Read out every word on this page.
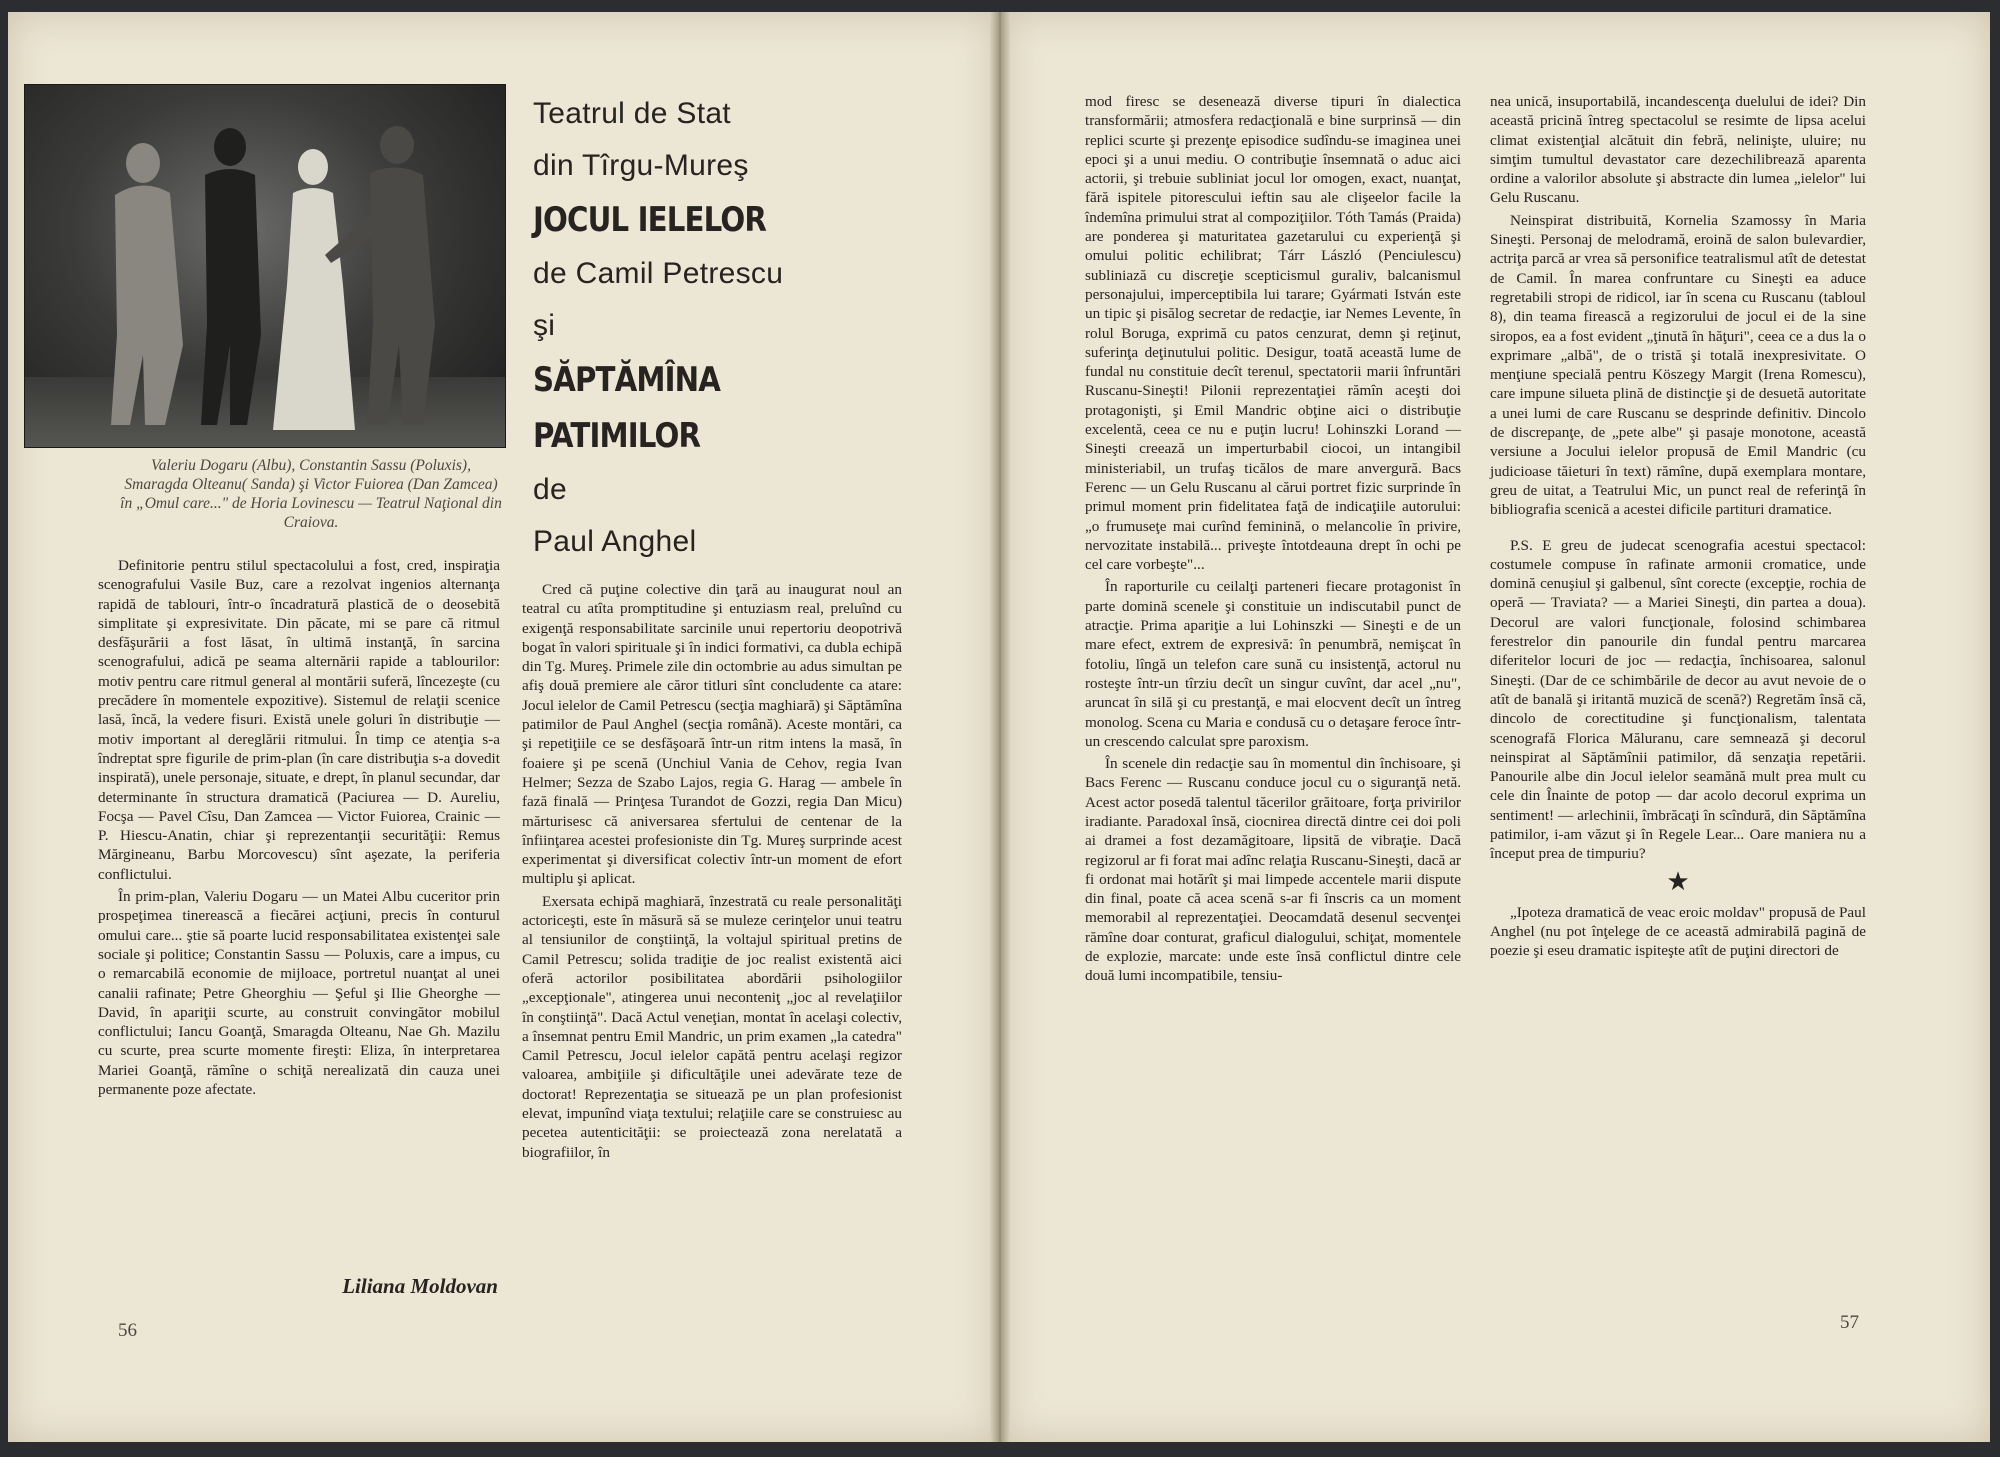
Valeriu Dogaru (Albu), Constantin Sassu (Poluxis), Smaragda Olteanu( Sanda) şi Victor Fuiorea (Dan Zamcea) în „Omul care..." de Horia Lovinescu — Teatrul Naţional din Craiova.

Definitorie pentru stilul spectacolului a fost, cred, inspiraţia scenografului Vasile Buz, care a rezolvat ingenios alternanţa rapidă de tablouri, într-o încadratură plastică de o deosebită simplitate şi expresivitate. Din păcate, mi se pare că ritmul desfăşurării a fost lăsat, în ultimă instanţă, în sarcina scenografului, adică pe seama alternării rapide a tablourilor: motiv pentru care ritmul general al montării suferă, lîncezeşte (cu precădere în momentele expozitive). Sistemul de relaţii scenice lasă, încă, la vedere fisuri. Există unele goluri în distribuţie — motiv important al dereglării ritmului. În timp ce atenţia s-a îndreptat spre figurile de prim-plan (în care distribuţia s-a dovedit inspirată), unele personaje, situate, e drept, în planul secundar, dar determinante în structura dramatică (Paciurea — D. Aureliu, Focşa — Pavel Cîsu, Dan Zamcea — Victor Fuiorea, Crainic — P. Hiescu-Anatin, chiar şi reprezentanţii securităţii: Remus Mărgineanu, Barbu Morcovescu) sînt aşezate, la periferia conflictului.

În prim-plan, Valeriu Dogaru — un Matei Albu cuceritor prin prospeţimea tinerească a fiecărei acţiuni, precis în conturul omului care... ştie să poarte lucid responsabilitatea existenţei sale sociale şi politice; Constantin Sassu — Poluxis, care a impus, cu o remarcabilă economie de mijloace, portretul nuanţat al unei canalii rafinate; Petre Gheorghiu — Şeful şi Ilie Gheorghe — David, în apariţii scurte, au construit convingător mobilul conflictului; Iancu Goanţă, Smaragda Olteanu, Nae Gh. Mazilu cu scurte, prea scurte momente fireşti: Eliza, în interpretarea Mariei Goanţă, rămîne o schiţă nerealizată din cauza unei permanente poze afectate.

Liliana Moldovan
56
Teatrul de Stat
din Tîrgu-Mureş
JOCUL IELELOR
de Camil Petrescu
şi
SĂPTĂMÎNA
PATIMILOR
de
Paul Anghel

Cred că puţine colective din ţară au inaugurat noul an teatral cu atîta promptitudine şi entuziasm real, preluînd cu exigenţă responsabilitate sarcinile unui repertoriu deopotrivă bogat în valori spirituale şi în indici formativi, ca dubla echipă din Tg. Mureş. Primele zile din octombrie au adus simultan pe afiş două premiere ale căror titluri sînt concludente ca atare: Jocul ielelor de Camil Petrescu (secţia maghiară) şi Săptămîna patimilor de Paul Anghel (secţia română). Aceste montări, ca şi repetiţiile ce se desfăşoară într-un ritm intens la masă, în foaiere şi pe scenă (Unchiul Vania de Cehov, regia Ivan Helmer; Sezza de Szabo Lajos, regia G. Harag — ambele în fază finală — Prinţesa Turandot de Gozzi, regia Dan Micu) mărturisesc că aniversarea sfertului de centenar de la înfiinţarea acestei profesioniste din Tg. Mureş surprinde acest experimentat şi diversificat colectiv într-un moment de efort multiplu şi aplicat.

Exersata echipă maghiară, înzestrată cu reale personalităţi actoriceşti, este în măsură să se muleze cerinţelor unui teatru al tensiunilor de conştiinţă, la voltajul spiritual pretins de Camil Petrescu; solida tradiţie de joc realist existentă aici oferă actorilor posibilitatea abordării psihologiilor „excepţionale", atingerea unui neconteniţ „joc al revelaţiilor în conştiinţă". Dacă Actul veneţian, montat în acelaşi colectiv, a însemnat pentru Emil Mandric, un prim examen „la catedra" Camil Petrescu, Jocul ielelor capătă pentru acelaşi regizor valoarea, ambiţiile şi dificultăţile unei adevărate teze de doctorat! Reprezentaţia se situează pe un plan profesionist elevat, impunînd viaţa textului; relaţiile care se construiesc au pecetea autenticităţii: se proiectează zona nerelatată a biografiilor, în

mod firesc se desenează diverse tipuri în dialectica transformării; atmosfera redacţională e bine surprinsă — din replici scurte şi prezenţe episodice sudîndu-se imaginea unei epoci şi a unui mediu. O contribuţie însemnată o aduc aici actorii, şi trebuie subliniat jocul lor omogen, exact, nuanţat, fără ispitele pitorescului ieftin sau ale clişeelor facile la îndemîna primului strat al compoziţiilor. Tóth Tamás (Praida) are ponderea şi maturitatea gazetarului cu experienţă şi omului politic echilibrat; Tárr László (Penciulescu) subliniază cu discreţie scepticismul guraliv, balcanismul personajului, imperceptibila lui tarare; Gyármati István este un tipic şi pisălog secretar de redacţie, iar Nemes Levente, în rolul Boruga, exprimă cu patos cenzurat, demn şi reţinut, suferinţa deţinutului politic. Desigur, toată această lume de fundal nu constituie decît terenul, spectatorii marii înfruntări Ruscanu-Sineşti! Pilonii reprezentaţiei rămîn aceşti doi protagonişti, şi Emil Mandric obţine aici o distribuţie excelentă, ceea ce nu e puţin lucru! Lohinszki Lorand — Sineşti creează un imperturbabil ciocoi, un intangibil ministeriabil, un trufaş ticălos de mare anvergură. Bacs Ferenc — un Gelu Ruscanu al cărui portret fizic surprinde în primul moment prin fidelitatea faţă de indicaţiile autorului: „o frumuseţe mai curînd feminină, o melancolie în privire, nervozitate instabilă... priveşte întotdeauna drept în ochi pe cel care vorbeşte"...

În raporturile cu ceilalţi parteneri fiecare protagonist în parte domină scenele şi constituie un indiscutabil punct de atracţie. Prima apariţie a lui Lohinszki — Sineşti e de un mare efect, extrem de expresivă: în penumbră, nemişcat în fotoliu, lîngă un telefon care sună cu insistenţă, actorul nu rosteşte într-un tîrziu decît un singur cuvînt, dar acel „nu", aruncat în silă şi cu prestanţă, e mai elocvent decît un întreg monolog. Scena cu Maria e condusă cu o detaşare feroce într-un crescendo calculat spre paroxism.

În scenele din redacţie sau în momentul din închisoare, şi Bacs Ferenc — Ruscanu conduce jocul cu o siguranţă netă. Acest actor posedă talentul tăcerilor grăitoare, forţa privirilor iradiante. Paradoxal însă, ciocnirea directă dintre cei doi poli ai dramei a fost dezamăgitoare, lipsită de vibraţie. Dacă regizorul ar fi forat mai adînc relaţia Ruscanu-Sineşti, dacă ar fi ordonat mai hotărît şi mai limpede accentele marii dispute din final, poate că acea scenă s-ar fi înscris ca un moment memorabil al reprezentaţiei. Deocamdată desenul secvenţei rămîne doar conturat, graficul dialogului, schiţat, momentele de explozie, marcate: unde este însă conflictul dintre cele două lumi incompatibile, tensiu-

nea unică, insuportabilă, incandescenţa duelului de idei? Din această pricină întreg spectacolul se resimte de lipsa acelui climat existenţial alcătuit din febră, nelinişte, uluire; nu simţim tumultul devastator care dezechilibrează aparenta ordine a valorilor absolute şi abstracte din lumea „ielelor" lui Gelu Ruscanu.

Neinspirat distribuită, Kornelia Szamossy în Maria Sineşti. Personaj de melodramă, eroină de salon bulevardier, actriţa parcă ar vrea să personifice teatralismul atît de detestat de Camil. În marea confruntare cu Sineşti ea aduce regretabili stropi de ridicol, iar în scena cu Ruscanu (tabloul 8), din teama firească a regizorului de jocul ei de la sine siropos, ea a fost evident „ţinută în hăţuri", ceea ce a dus la o exprimare „albă", de o tristă şi totală inexpresivitate. O menţiune specială pentru Köszegy Margit (Irena Romescu), care impune silueta plină de distincţie şi de desuetă autoritate a unei lumi de care Ruscanu se desprinde definitiv. Dincolo de discrepanţe, de „pete albe" şi pasaje monotone, această versiune a Jocului ielelor propusă de Emil Mandric (cu judicioase tăieturi în text) rămîne, după exemplara montare, greu de uitat, a Teatrului Mic, un punct real de referinţă în bibliografia scenică a acestei dificile partituri dramatice.

P.S. E greu de judecat scenografia acestui spectacol: costumele compuse în rafinate armonii cromatice, unde domină cenuşiul şi galbenul, sînt corecte (excepţie, rochia de operă — Traviata? — a Mariei Sineşti, din partea a doua). Decorul are valori funcţionale, folosind schimbarea ferestrelor din panourile din fundal pentru marcarea diferitelor locuri de joc — redacţia, închisoarea, salonul Sineşti. (Dar de ce schimbările de decor au avut nevoie de o atît de banală şi iritantă muzică de scenă?) Regretăm însă că, dincolo de corectitudine şi funcţionalism, talentata scenografă Florica Măluranu, care semnează şi decorul neinspirat al Săptămînii patimilor, dă senzaţia repetării. Panourile albe din Jocul ielelor seamănă mult prea mult cu cele din Înainte de potop — dar acolo decorul exprima un sentiment! — arlechinii, îmbrăcaţi în scîndură, din Săptămîna patimilor, i-am văzut şi în Regele Lear... Oare maniera nu a început prea de timpuriu?

★

„Ipoteza dramatică de veac eroic moldav" propusă de Paul Anghel (nu pot înţelege de ce această admirabilă pagină de poezie şi eseu dramatic ispiteşte atît de puţini directori de

57
